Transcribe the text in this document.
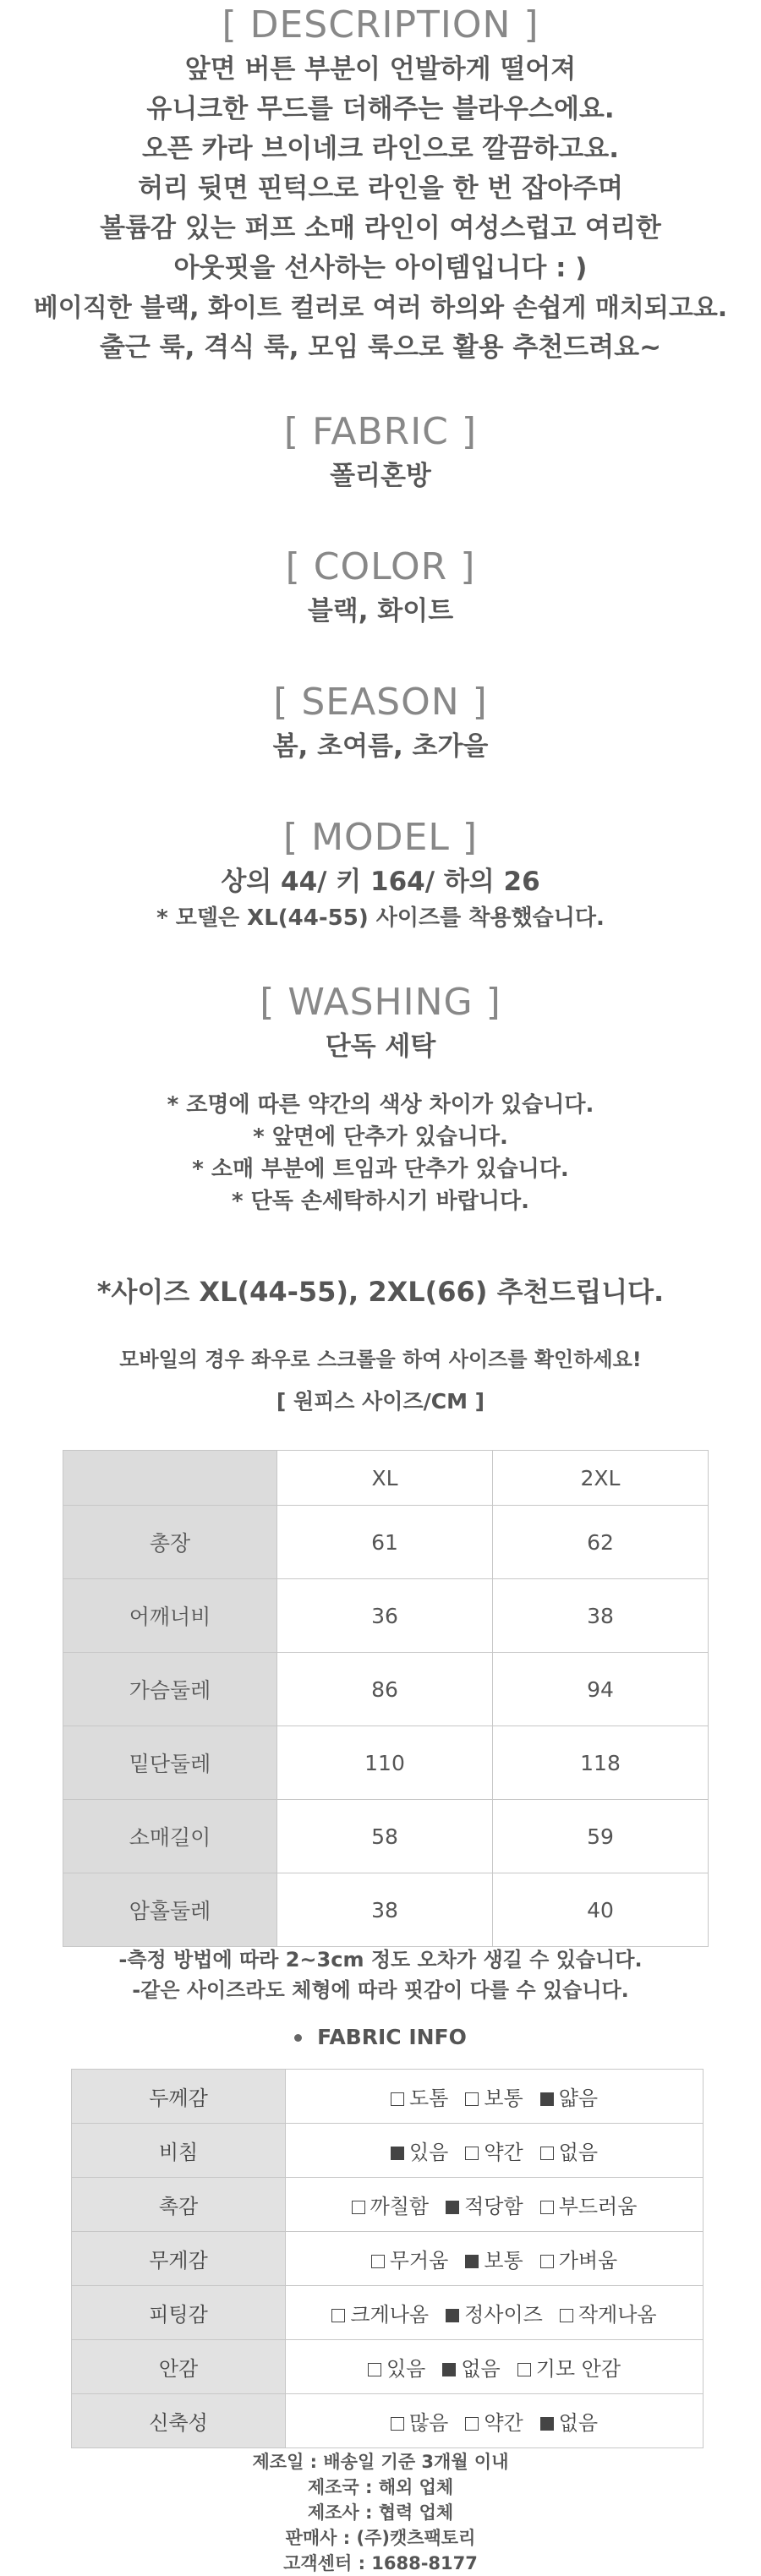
[ DESCRIPTION ]

앞면 버튼 부분이 언발하게 떨어져

유니크한 무드를 더해주는 블라우스에요.

오픈 카라 브이네크 라인으로 깔끔하고요.

허리 뒷면 핀턱으로 라인을 한 번 잡아주며

볼륨감 있는 퍼프 소매 라인이 여성스럽고 여리한

아웃핏을 선사하는 아이템입니다 : )

베이직한 블랙, 화이트 컬러로 여러 하의와 손쉽게 매치되고요.

출근 룩, 격식 룩, 모임 룩으로 활용 추천드려요~

[ FABRIC ]

폴리혼방

[ COLOR ]

블랙, 화이트

[ SEASON ]

봄, 초여름, 초가을

[ MODEL ]

상의 44/ 키 164/ 하의 26

* 모델은 XL(44-55) 사이즈를 착용했습니다.

[ WASHING ]

단독 세탁

* 조명에 따른 약간의 색상 차이가 있습니다.

* 앞면에 단추가 있습니다.

* 소매 부분에 트임과 단추가 있습니다.

* 단독 손세탁하시기 바랍니다.

*사이즈 XL(44-55), 2XL(66) 추천드립니다.

모바일의 경우 좌우로 스크롤을 하여 사이즈를 확인하세요!

[ 원피스 사이즈/CM ]

	XL	2XL
총장	61	62
어깨너비	36	38
가슴둘레	86	94
밑단둘레	110	118
소매길이	58	59
암홀둘레	38	40

-측정 방법에 따라 2~3cm 정도 오차가 생길 수 있습니다.

-같은 사이즈라도 체형에 따라 핏감이 다를 수 있습니다.

FABRIC INFO

두께감	도톰 보통 얇음
비침	있음 약간 없음
촉감	까칠함 적당함 부드러움
무게감	무거움 보통 가벼움
피팅감	크게나옴 정사이즈 작게나옴
안감	있음 없음 기모 안감
신축성	많음 약간 없음

제조일 : 배송일 기준 3개월 이내

제조국 : 해외 업체

제조사 : 협력 업체

판매사 : (주)캣츠팩토리

고객센터 : 1688-8177
